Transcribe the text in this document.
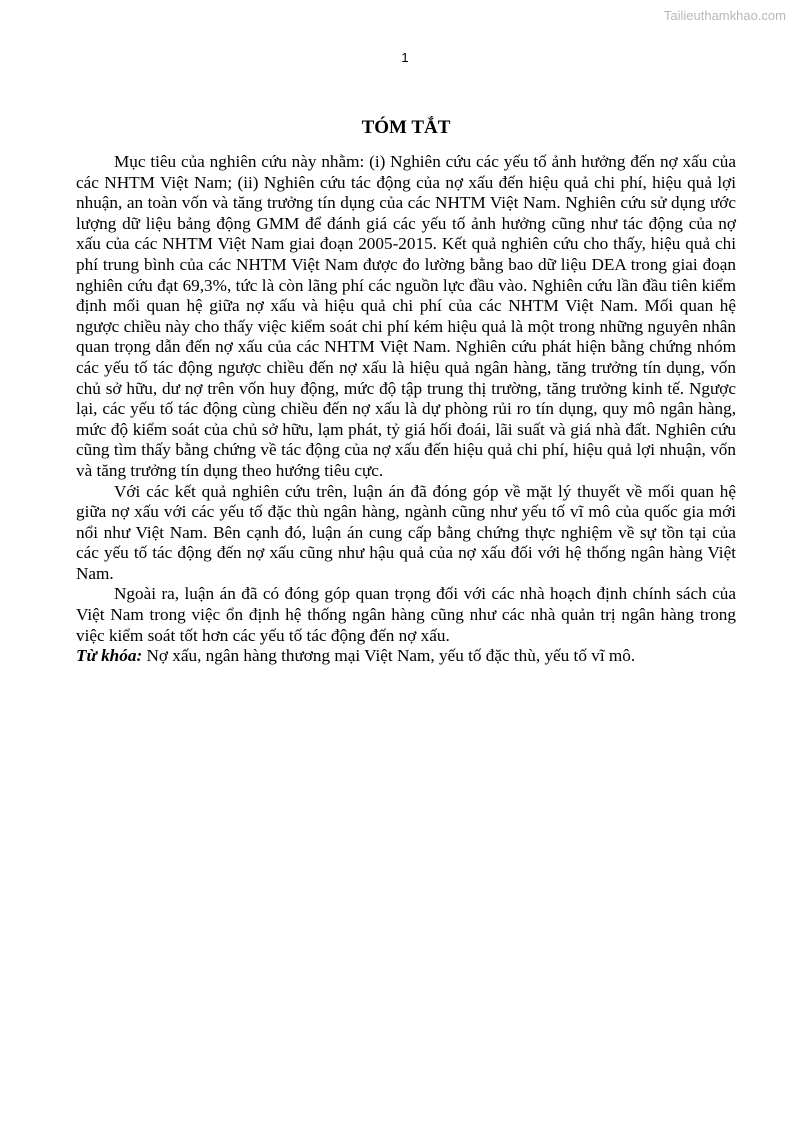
Tailieuthamkhao.com
1
TÓM TẮT

Mục tiêu của nghiên cứu này nhằm: (i) Nghiên cứu các yếu tố ảnh hưởng đến nợ xấu của các NHTM Việt Nam; (ii) Nghiên cứu tác động của nợ xấu đến hiệu quả chi phí, hiệu quả lợi nhuận, an toàn vốn và tăng trưởng tín dụng của các NHTM Việt Nam. Nghiên cứu sử dụng ước lượng dữ liệu bảng động GMM để đánh giá các yếu tố ảnh hưởng cũng như tác động của nợ xấu của các NHTM Việt Nam giai đoạn 2005-2015. Kết quả nghiên cứu cho thấy, hiệu quả chi phí trung bình của các NHTM Việt Nam được đo lường bằng bao dữ liệu DEA trong giai đoạn nghiên cứu đạt 69,3%, tức là còn lãng phí các nguồn lực đầu vào. Nghiên cứu lần đầu tiên kiểm định mối quan hệ giữa nợ xấu và hiệu quả chi phí của các NHTM Việt Nam. Mối quan hệ ngược chiều này cho thấy việc kiểm soát chi phí kém hiệu quả là một trong những nguyên nhân quan trọng dẫn đến nợ xấu của các NHTM Việt Nam. Nghiên cứu phát hiện bằng chứng nhóm các yếu tố tác động ngược chiều đến nợ xấu là hiệu quả ngân hàng, tăng trưởng tín dụng, vốn chủ sở hữu, dư nợ trên vốn huy động, mức độ tập trung thị trường, tăng trưởng kinh tế. Ngược lại, các yếu tố tác động cùng chiều đến nợ xấu là dự phòng rủi ro tín dụng, quy mô ngân hàng, mức độ kiểm soát của chủ sở hữu, lạm phát, tỷ giá hối đoái, lãi suất và giá nhà đất. Nghiên cứu cũng tìm thấy bằng chứng về tác động của nợ xấu đến hiệu quả chi phí, hiệu quả lợi nhuận, vốn và tăng trưởng tín dụng theo hướng tiêu cực.

Với các kết quả nghiên cứu trên, luận án đã đóng góp về mặt lý thuyết về mối quan hệ giữa nợ xấu với các yếu tố đặc thù ngân hàng, ngành cũng như yếu tố vĩ mô của quốc gia mới nổi như Việt Nam. Bên cạnh đó, luận án cung cấp bằng chứng thực nghiệm về sự tồn tại của các yếu tố tác động đến nợ xấu cũng như hậu quả của nợ xấu đối với hệ thống ngân hàng Việt Nam.

Ngoài ra, luận án đã có đóng góp quan trọng đối với các nhà hoạch định chính sách của Việt Nam trong việc ổn định hệ thống ngân hàng cũng như các nhà quản trị ngân hàng trong việc kiểm soát tốt hơn các yếu tố tác động đến nợ xấu.

Từ khóa: Nợ xấu, ngân hàng thương mại Việt Nam, yếu tố đặc thù, yếu tố vĩ mô.
